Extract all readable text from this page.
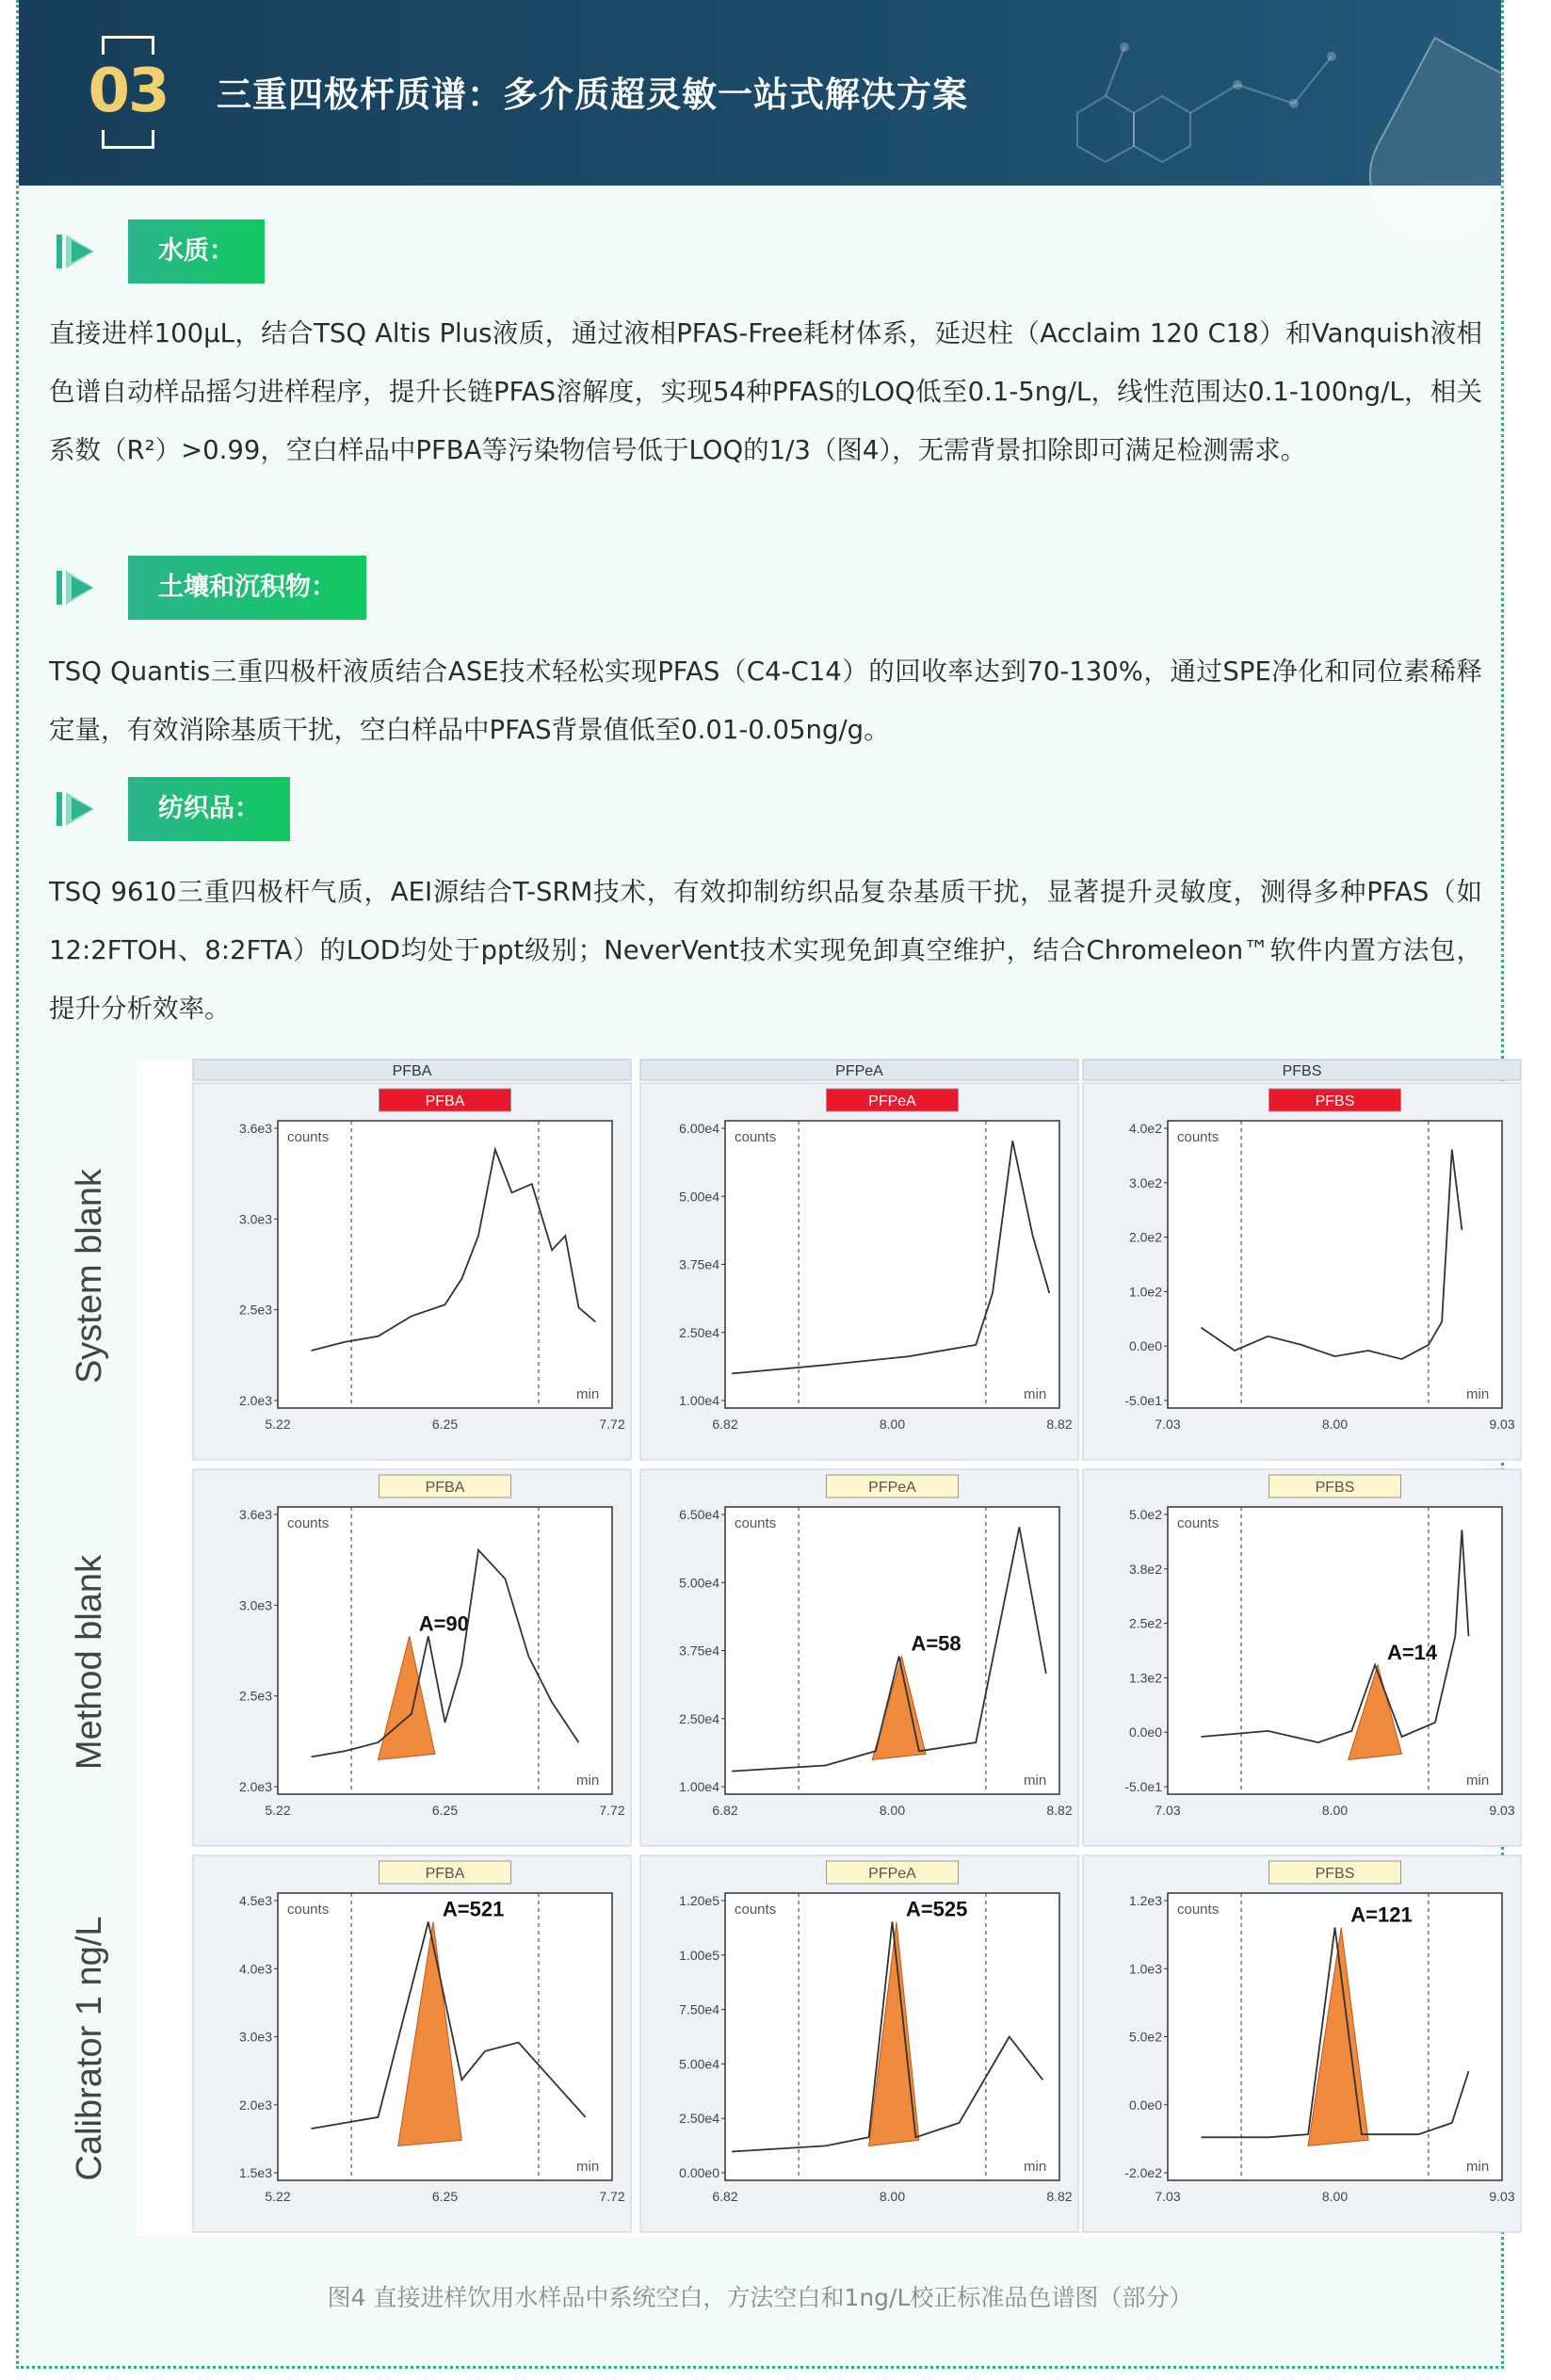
03 三重四极杆质谱：多介质超灵敏一站式解决方案
水质：
直接进样100μL，结合TSQ Altis Plus液质，通过液相PFAS-Free耗材体系，延迟柱（Acclaim 120 C18）和Vanquish液相色谱自动样品摇匀进样程序，提升长链PFAS溶解度，实现54种PFAS的LOQ低至0.1-5ng/L，线性范围达0.1-100ng/L，相关系数（R²）>0.99，空白样品中PFBA等污染物信号低于LOQ的1/3（图4），无需背景扣除即可满足检测需求。
土壤和沉积物：
TSQ Quantis三重四极杆液质结合ASE技术轻松实现PFAS（C4-C14）的回收率达到70-130%，通过SPE净化和同位素稀释定量，有效消除基质干扰，空白样品中PFAS背景值低至0.01-0.05ng/g。
纺织品：
TSQ 9610三重四极杆气质，AEI源结合T-SRM技术，有效抑制纺织品复杂基质干扰，显著提升灵敏度，测得多种PFAS（如12:2FTOH、8:2FTA）的LOD均处于ppt级别；NeverVent技术实现免卸真空维护，结合Chromeleon™软件内置方法包，提升分析效率。
PFBA	PFPeA	PFBS
System blank
Method blank
Calibrator 1 ng/L
PFBA
counts
min
3.6e3
3.0e3
2.5e3
2.0e3
5.22	6.25	7.72
PFPeA
counts
min
6.00e4
5.00e4
3.75e4
2.50e4
1.00e4
6.82	8.00	8.82
PFBS
counts
min
4.0e2
3.0e2
2.0e2
1.0e2
0.0e0
-5.0e1
7.03	8.00	9.03
PFBA
counts
min
3.6e3
3.0e3
2.5e3
2.0e3
5.22	6.25	7.72
A=90
PFPeA
counts
min
6.50e4
5.00e4
3.75e4
2.50e4
1.00e4
6.82	8.00	8.82
A=58
PFBS
counts
min
5.0e2
3.8e2
2.5e2
1.3e2
0.0e0
-5.0e1
7.03	8.00	9.03
A=14
PFBA
counts
min
4.5e3
4.0e3
3.0e3
2.0e3
1.5e3
5.22	6.25	7.72
A=521
PFPeA
counts
min
1.20e5
1.00e5
7.50e4
5.00e4
2.50e4
0.00e0
6.82	8.00	8.82
A=525
PFBS
counts
min
1.2e3
1.0e3
5.0e2
0.0e0
-2.0e2
7.03	8.00	9.03
A=121
图4 直接进样饮用水样品中系统空白，方法空白和1ng/L校正标准品色谱图（部分）
